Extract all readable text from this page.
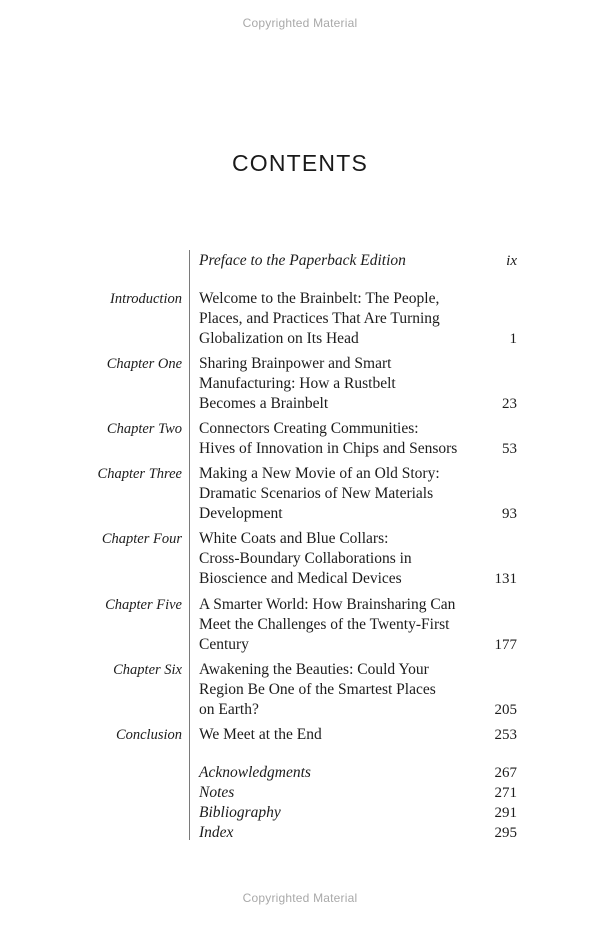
Copyrighted Material
CONTENTS
Preface to the Paperback Edition	ix
Introduction Welcome to the Brainbelt: The People,
Places, and Practices That Are Turning
Globalization on Its Head	1
Chapter One Sharing Brainpower and Smart
Manufacturing: How a Rustbelt
Becomes a Brainbelt	23
Chapter Two Connectors Creating Communities:
Hives of Innovation in Chips and Sensors	53
Chapter Three Making a New Movie of an Old Story:
Dramatic Scenarios of New Materials
Development	93
Chapter Four White Coats and Blue Collars:
Cross-Boundary Collaborations in
Bioscience and Medical Devices	131
Chapter Five A Smarter World: How Brainsharing Can
Meet the Challenges of the Twenty-First
Century	177
Chapter Six Awakening the Beauties: Could Your
Region Be One of the Smartest Places
on Earth?	205
Conclusion We Meet at the End	253
Acknowledgments	267
Notes	271
Bibliography	291
Index	295
Copyrighted Material
